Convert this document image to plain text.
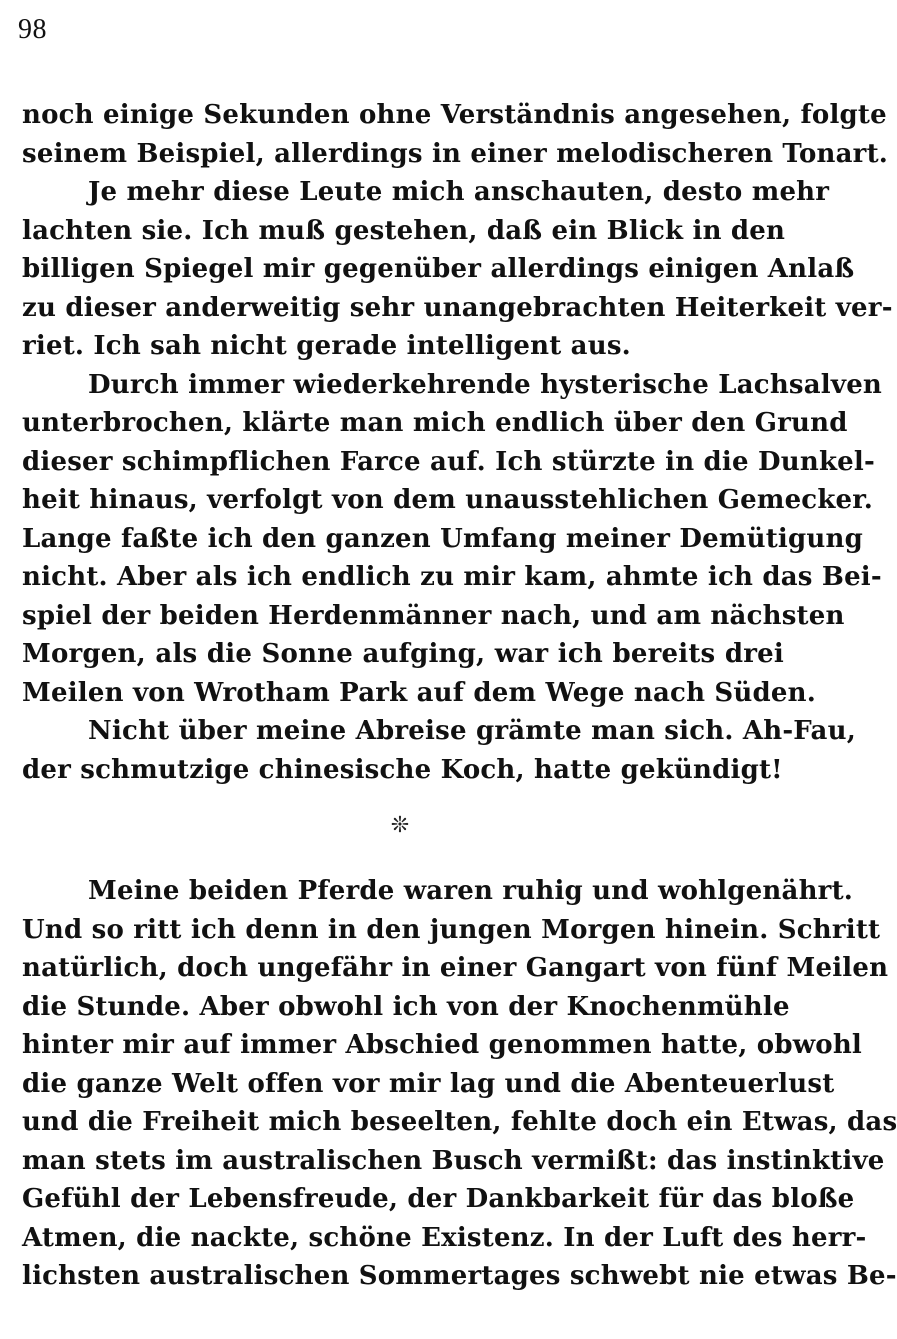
98
noch einige Sekunden ohne Verständnis angesehen, folgte
seinem Beispiel, allerdings in einer melodischeren Tonart.
Je mehr diese Leute mich anschauten, desto mehr
lachten sie. Ich muß gestehen, daß ein Blick in den
billigen Spiegel mir gegenüber allerdings einigen Anlaß
zu dieser anderweitig sehr unangebrachten Heiterkeit ver-
riet. Ich sah nicht gerade intelligent aus.
Durch immer wiederkehrende hysterische Lachsalven
unterbrochen, klärte man mich endlich über den Grund
dieser schimpflichen Farce auf. Ich stürzte in die Dunkel-
heit hinaus, verfolgt von dem unausstehlichen Gemecker.
Lange faßte ich den ganzen Umfang meiner Demütigung
nicht. Aber als ich endlich zu mir kam, ahmte ich das Bei-
spiel der beiden Herdenmänner nach, und am nächsten
Morgen, als die Sonne aufging, war ich bereits drei
Meilen von Wrotham Park auf dem Wege nach Süden.
Nicht über meine Abreise grämte man sich. Ah-Fau,
der schmutzige chinesische Koch, hatte gekündigt!
❊
Meine beiden Pferde waren ruhig und wohlgenährt.
Und so ritt ich denn in den jungen Morgen hinein. Schritt
natürlich, doch ungefähr in einer Gangart von fünf Meilen
die Stunde. Aber obwohl ich von der Knochenmühle
hinter mir auf immer Abschied genommen hatte, obwohl
die ganze Welt offen vor mir lag und die Abenteuerlust
und die Freiheit mich beseelten, fehlte doch ein Etwas, das
man stets im australischen Busch vermißt: das instinktive
Gefühl der Lebensfreude, der Dankbarkeit für das bloße
Atmen, die nackte, schöne Existenz. In der Luft des herr-
lichsten australischen Sommertages schwebt nie etwas Be-
